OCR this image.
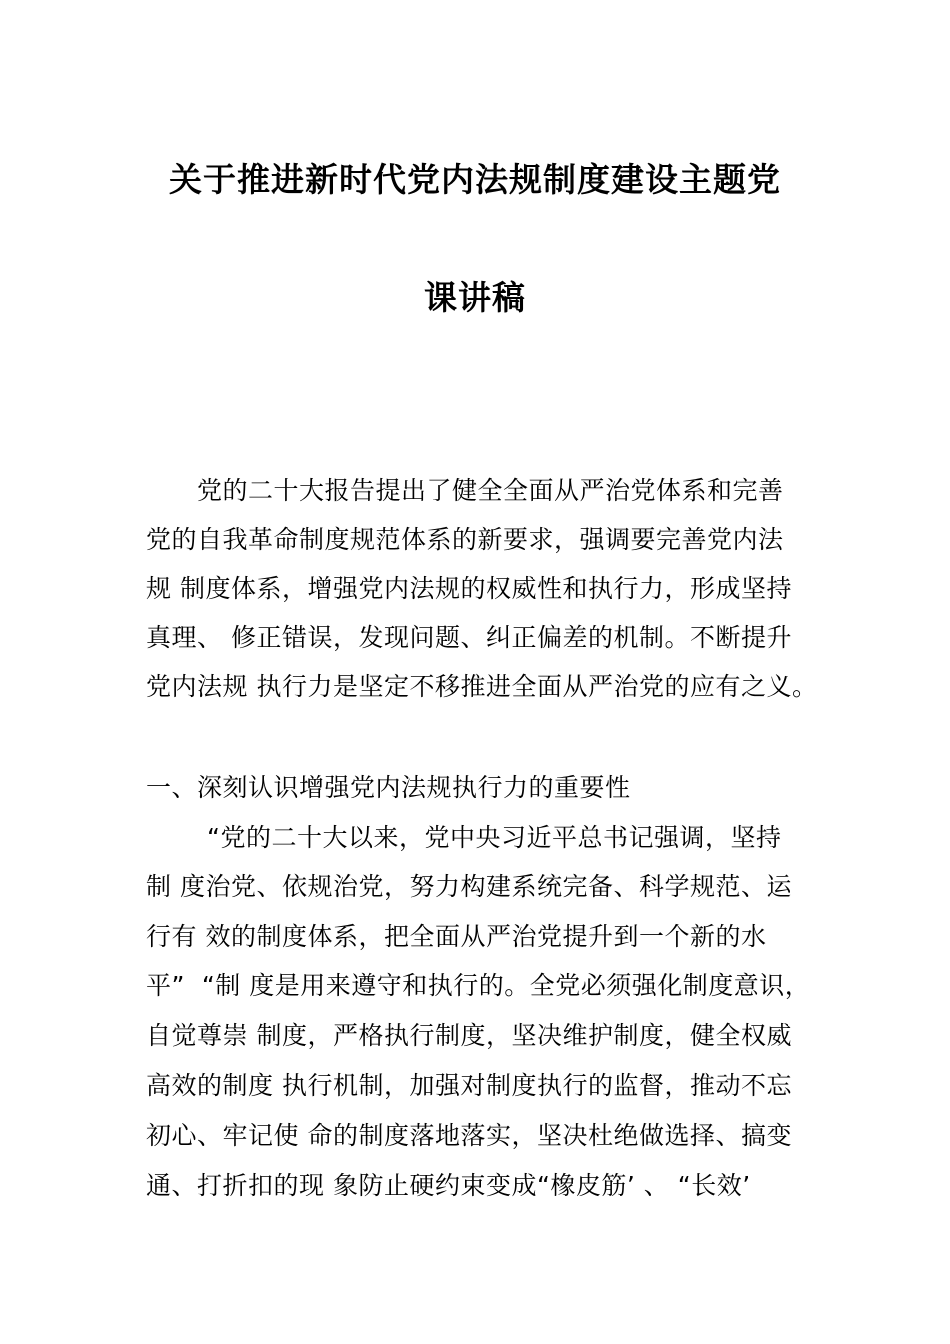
关于推进新时代党内法规制度建设主题党
课讲稿
党的二十大报告提出了健全全面从严治党体系和完善
党的自我革命制度规范体系的新要求，强调要完善党内法
规 制度体系，增强党内法规的权威性和执行力，形成坚持
真理、 修正错误，发现问题、纠正偏差的机制。不断提升
党内法规 执行力是坚定不移推进全面从严治党的应有之义。
一、深刻认识增强党内法规执行力的重要性
“党的二十大以来，党中央习近平总书记强调，坚持
制 度治党、依规治党，努力构建系统完备、科学规范、运
行有 效的制度体系，把全面从严治党提升到一个新的水
平”  “制 度是用来遵守和执行的。全党必须强化制度意识，
自觉尊崇 制度，严格执行制度，坚决维护制度，健全权威
高效的制度 执行机制，加强对制度执行的监督，推动不忘
初心、牢记使 命的制度落地落实，坚决杜绝做选择、搞变
通、打折扣的现 象防止硬约束变成“橡皮筋’ 、 “长效’
